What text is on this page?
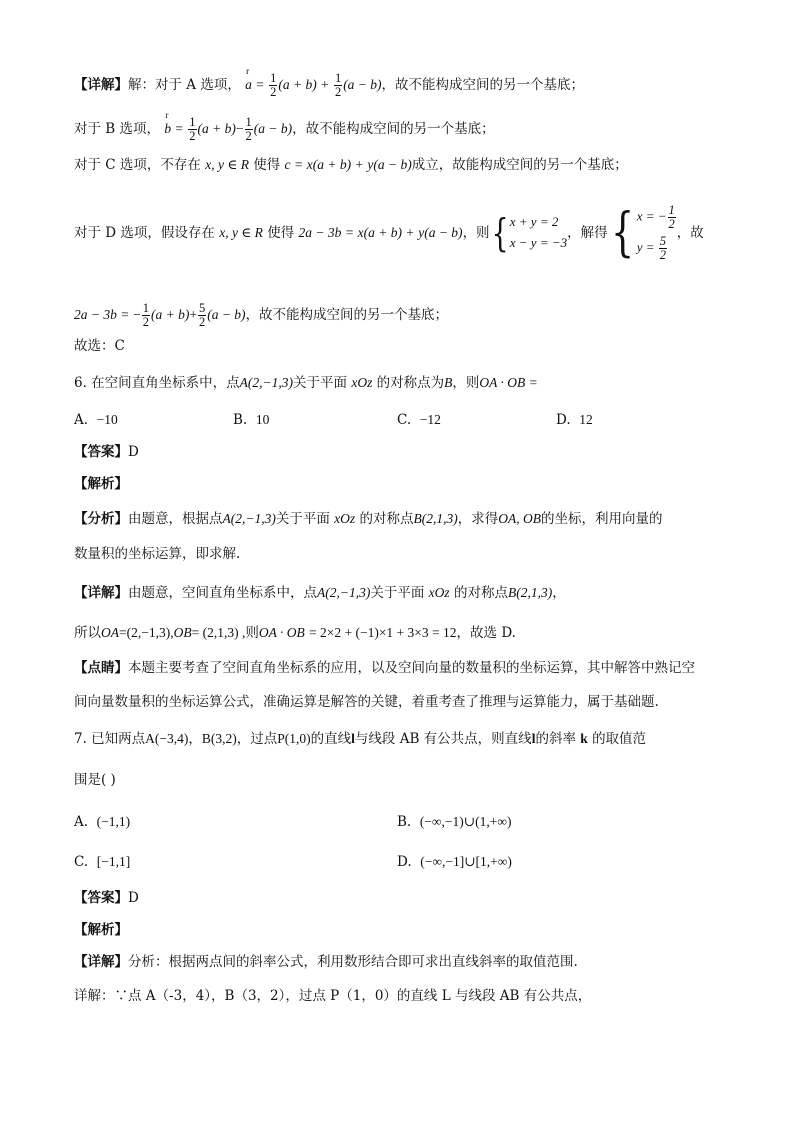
【详解】解：对于 A 选项， r $a = \frac{1}{2} (a + b) + \frac{1}{2} (a - b)$，故不能构成空间的另一个基底；
对于 B 选项， r $b = \frac{1}{2} (a + b)- \frac{1}{2} (a - b)$，故不能构成空间的另一个基底；
对于 C 选项，不存在 x, y ∈ R 使得 c = x(a + b) + y(a − b)成立，故能构成空间的另一个基底；
对于 D 选项，假设存在 x, y ∈ R 使得 2a − 3b = x(a + b) + y(a − b)，则{ x + y = 2
x − y = −3
，解得{ x = − $\frac{1}{2}$
$y = \frac{5}{2}$
，故
2a − 3b = − $\frac{1}{2} (a + b)+ \frac{5}{2} (a - b)$，故不能构成空间的另一个基底；
故选：C
6. 在空间直角坐标系中，点A(2,−1,3)关于平面 xOz 的对称点为B，则OA · OB =
A. −10	B. 10	C. −12	D. 12
【答案】D
【解析】
【分析】由题意，根据点A(2,−1,3)关于平面 xOz 的对称点B(2,1,3)，求得OA, OB的坐标，利用向量的
数量积的坐标运算，即求解.
【详解】由题意，空间直角坐标系中，点A(2,−1,3)关于平面 xOz 的对称点B(2,1,3)，
所以OA=(2,−1,3),OB= (2,1,3) ,则OA · OB = 2×2 + (−1)×1 + 3×3 = 12，故选 D.
【点睛】本题主要考查了空间直角坐标系的应用，以及空间向量的数量积的坐标运算，其中解答中熟记空
间向量数量积的坐标运算公式，准确运算是解答的关键，着重考查了推理与运算能力，属于基础题.
7. 已知两点A(−3,4)，B(3,2)，过点P(1,0)的直线l与线段 AB 有公共点，则直线l的斜率 k 的取值范
围是( )
A. (−1,1)	B. (−∞,−1)∪(1,+∞)
C. [−1,1]	D. (−∞,−1]∪[1,+∞)
【答案】D
【解析】
【详解】分析：根据两点间的斜率公式，利用数形结合即可求出直线斜率的取值范围.
详解：∵点 A（-3，4），B（3，2），过点 P（1，0）的直线 L 与线段 AB 有公共点，
